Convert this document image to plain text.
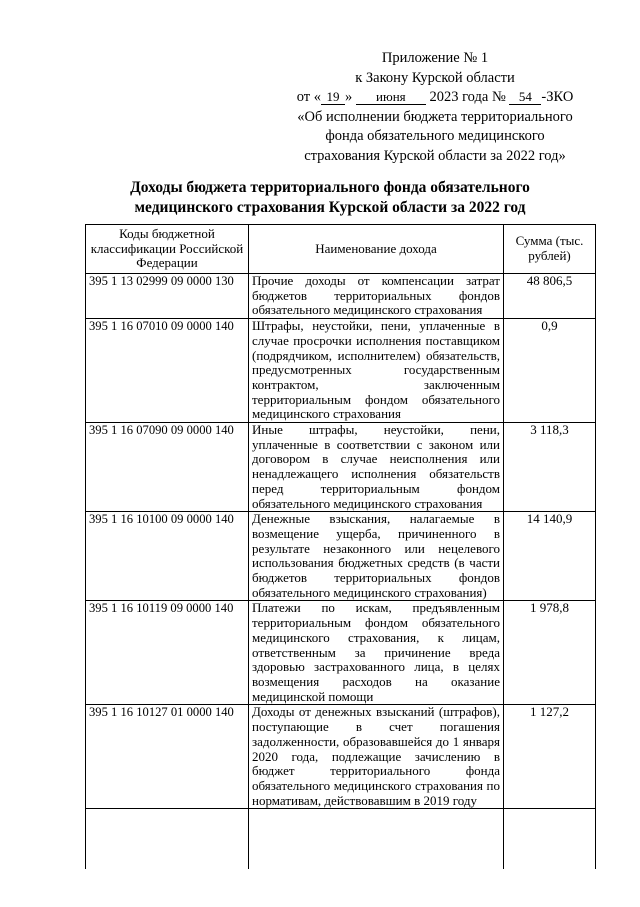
Приложение № 1
к Закону Курской области
от « 19 » июня 2023 года № 54 -ЗКО
«Об исполнении бюджета территориального
фонда обязательного медицинского
страхования Курской области за 2022 год»
Доходы бюджета территориального фонда обязательного
медицинского страхования Курской области за 2022 год
Коды бюджетной классификации Российской Федерации	Наименование дохода	Сумма (тыс. рублей)
395 1 13 02999 09 0000 130	Прочие доходы от компенсации затрат бюджетов территориальных фондов обязательного медицинского страхования	48 806,5
395 1 16 07010 09 0000 140	Штрафы, неустойки, пени, уплаченные в случае просрочки исполнения поставщиком (подрядчиком, исполнителем) обязательств, предусмотренных государственным контрактом, заключенным территориальным фондом обязательного медицинского страхования	0,9
395 1 16 07090 09 0000 140	Иные штрафы, неустойки, пени, уплаченные в соответствии с законом или договором в случае неисполнения или ненадлежащего исполнения обязательств перед территориальным фондом обязательного медицинского страхования	3 118,3
395 1 16 10100 09 0000 140	Денежные взыскания, налагаемые в возмещение ущерба, причиненного в результате незаконного или нецелевого использования бюджетных средств (в части бюджетов территориальных фондов обязательного медицинского страхования)	14 140,9
395 1 16 10119 09 0000 140	Платежи по искам, предъявленным территориальным фондом обязательного медицинского страхования, к лицам, ответственным за причинение вреда здоровью застрахованного лица, в целях возмещения расходов на оказание медицинской помощи	1 978,8
395 1 16 10127 01 0000 140	Доходы от денежных взысканий (штрафов), поступающие в счет погашения задолженности, образовавшейся до 1 января 2020 года, подлежащие зачислению в бюджет территориального фонда обязательного медицинского страхования по нормативам, действовавшим в 2019 году	1 127,2
